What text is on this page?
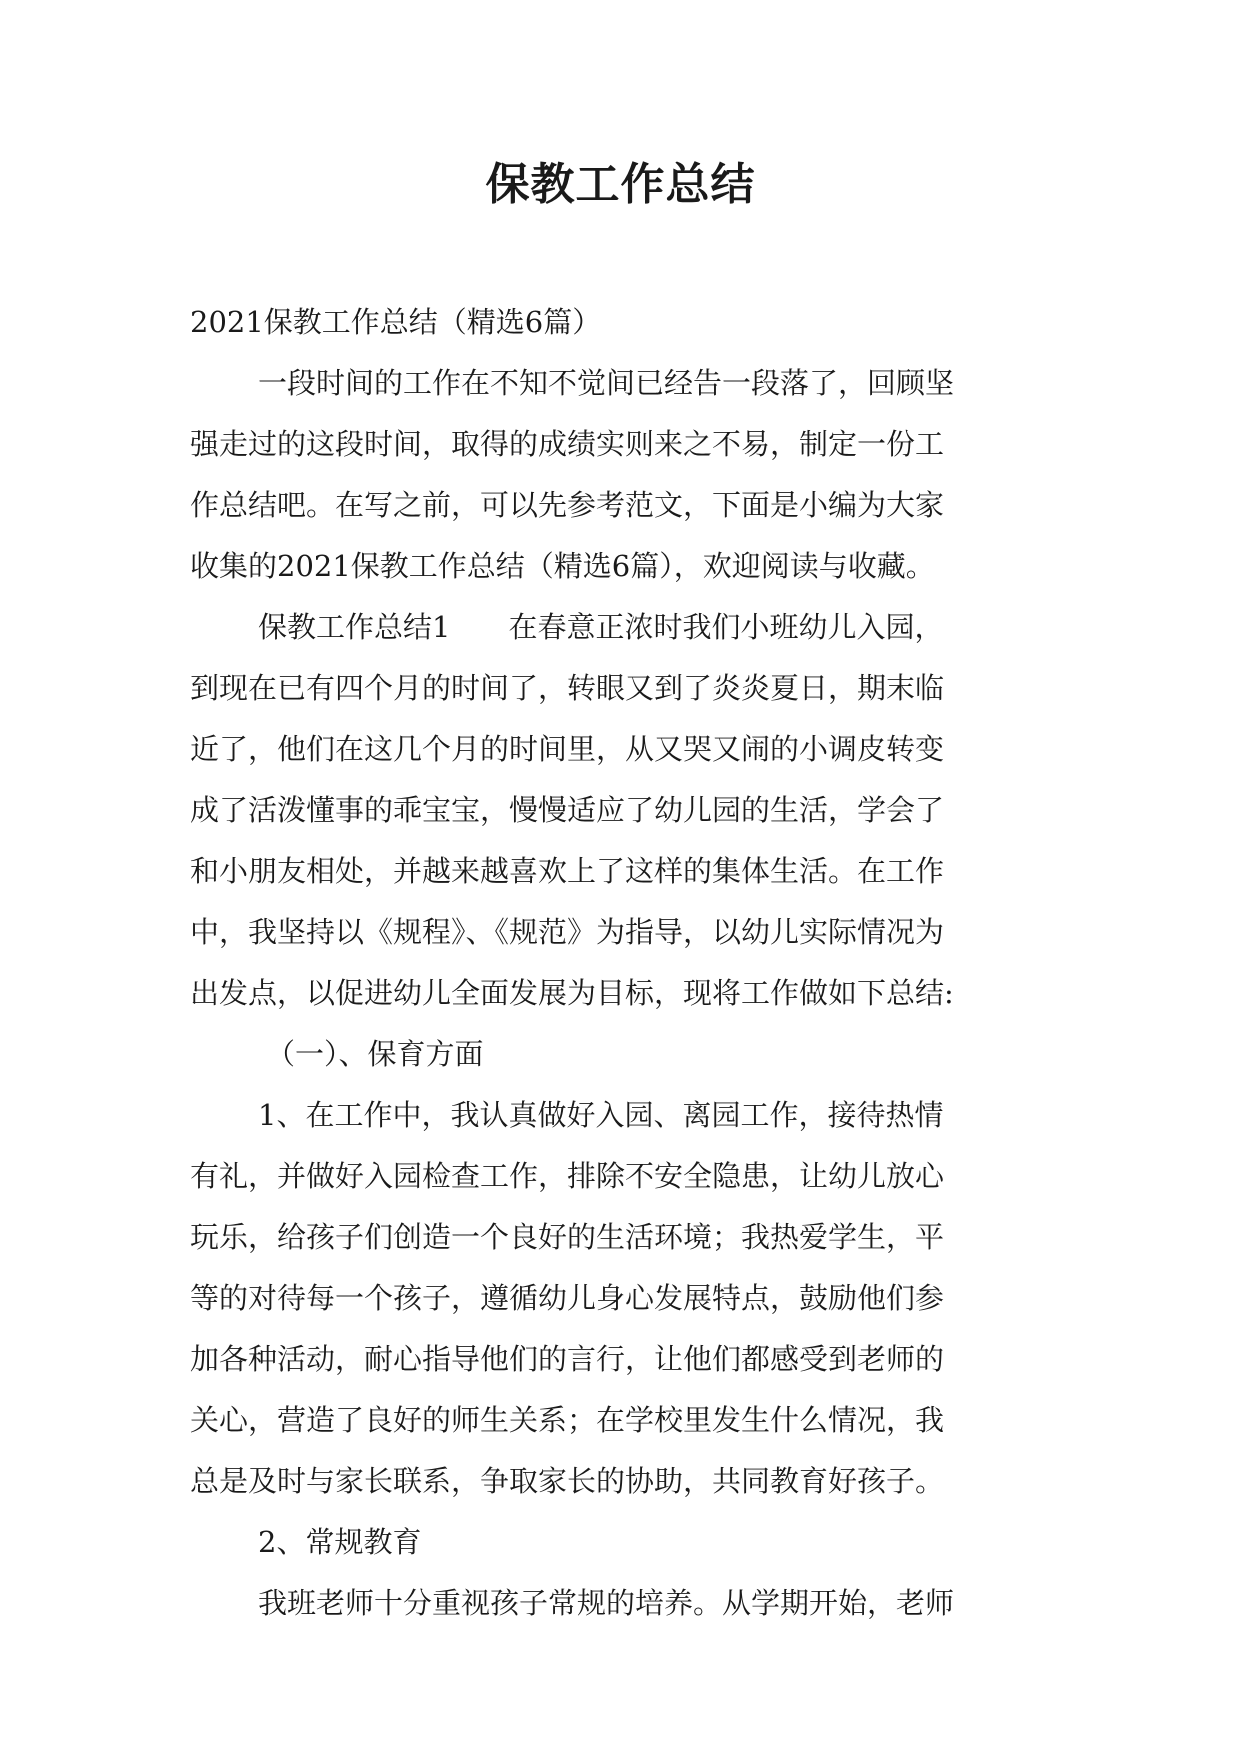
保教工作总结
2021保教工作总结（精选6篇）
一段时间的工作在不知不觉间已经告一段落了，回顾坚
强走过的这段时间，取得的成绩实则来之不易，制定一份工
作总结吧。在写之前，可以先参考范文，下面是小编为大家
收集的2021保教工作总结（精选6篇），欢迎阅读与收藏。
保教工作总结1 在春意正浓时我们小班幼儿入园，
到现在已有四个月的时间了，转眼又到了炎炎夏日，期末临
近了，他们在这几个月的时间里，从又哭又闹的小调皮转变
成了活泼懂事的乖宝宝，慢慢适应了幼儿园的生活，学会了
和小朋友相处，并越来越喜欢上了这样的集体生活。在工作
中，我坚持以《规程》、《规范》为指导，以幼儿实际情况为
出发点，以促进幼儿全面发展为目标，现将工作做如下总结:
（一）、保育方面
1、在工作中，我认真做好入园、离园工作，接待热情
有礼，并做好入园检查工作，排除不安全隐患，让幼儿放心
玩乐，给孩子们创造一个良好的生活环境；我热爱学生，平
等的对待每一个孩子，遵循幼儿身心发展特点，鼓励他们参
加各种活动，耐心指导他们的言行，让他们都感受到老师的
关心，营造了良好的师生关系；在学校里发生什么情况，我
总是及时与家长联系，争取家长的协助，共同教育好孩子。
2、常规教育
我班老师十分重视孩子常规的培养。从学期开始，老师
